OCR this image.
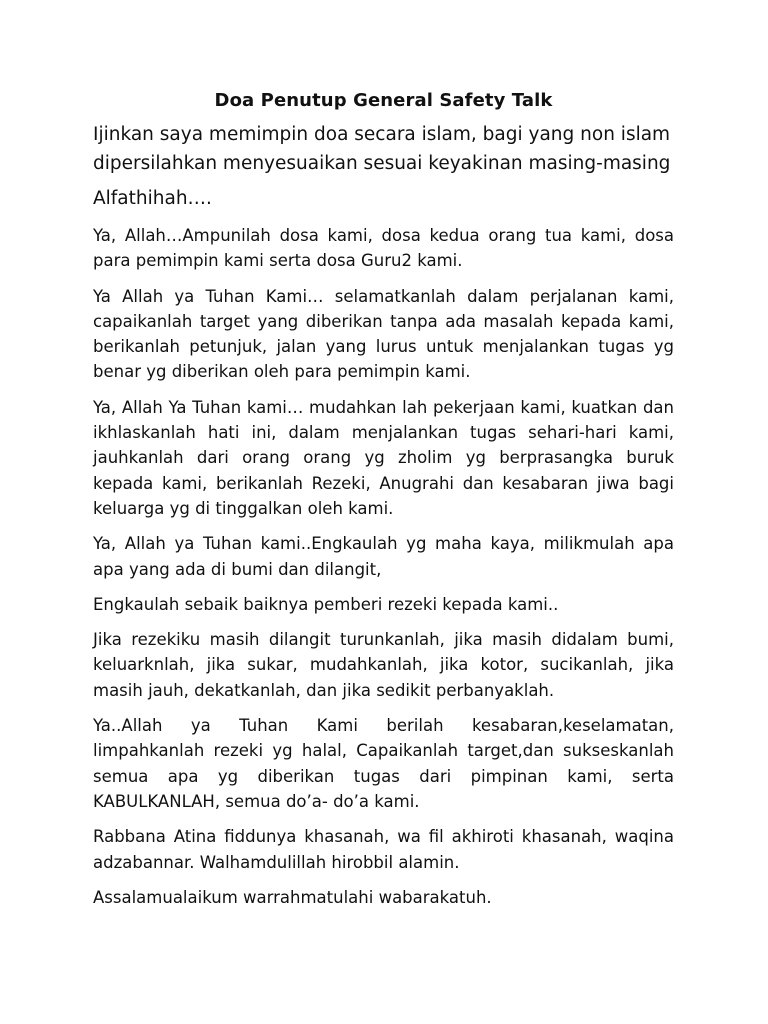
Doa Penutup General Safety Talk
Ijinkan saya memimpin doa secara islam, bagi yang non islam dipersilahkan menyesuaikan sesuai keyakinan masing-masing
Alfathihah….

Ya, Allah…Ampunilah dosa kami, dosa kedua orang tua kami, dosa para pemimpin kami serta dosa Guru2 kami.

Ya Allah ya Tuhan Kami… selamatkanlah dalam perjalanan kami, capaikanlah target yang diberikan tanpa ada masalah kepada kami, berikanlah petunjuk, jalan yang lurus untuk menjalankan tugas yg benar yg diberikan oleh para pemimpin kami.

Ya, Allah Ya Tuhan kami… mudahkan lah pekerjaan kami, kuatkan dan ikhlaskanlah hati ini, dalam menjalankan tugas sehari-hari kami, jauhkanlah dari orang orang yg zholim yg berprasangka buruk kepada kami, berikanlah Rezeki, Anugrahi dan kesabaran jiwa bagi keluarga yg di tinggalkan oleh kami.

Ya, Allah ya Tuhan kami..Engkaulah yg maha kaya, milikmulah apa apa yang ada di bumi dan dilangit,

Engkaulah sebaik baiknya pemberi rezeki kepada kami..

Jika rezekiku masih dilangit turunkanlah, jika masih didalam bumi, keluarknlah, jika sukar, mudahkanlah, jika kotor, sucikanlah, jika masih jauh, dekatkanlah, dan jika sedikit perbanyaklah.

Ya..Allah ya Tuhan Kami berilah kesabaran,keselamatan, limpahkanlah rezeki yg halal, Capaikanlah target,dan sukseskanlah semua apa yg diberikan tugas dari pimpinan kami, serta KABULKANLAH, semua do’a- do’a kami.

Rabbana Atina fiddunya khasanah, wa fil akhiroti khasanah, waqina adzabannar. Walhamdulillah hirobbil alamin.

Assalamualaikum warrahmatulahi wabarakatuh.
